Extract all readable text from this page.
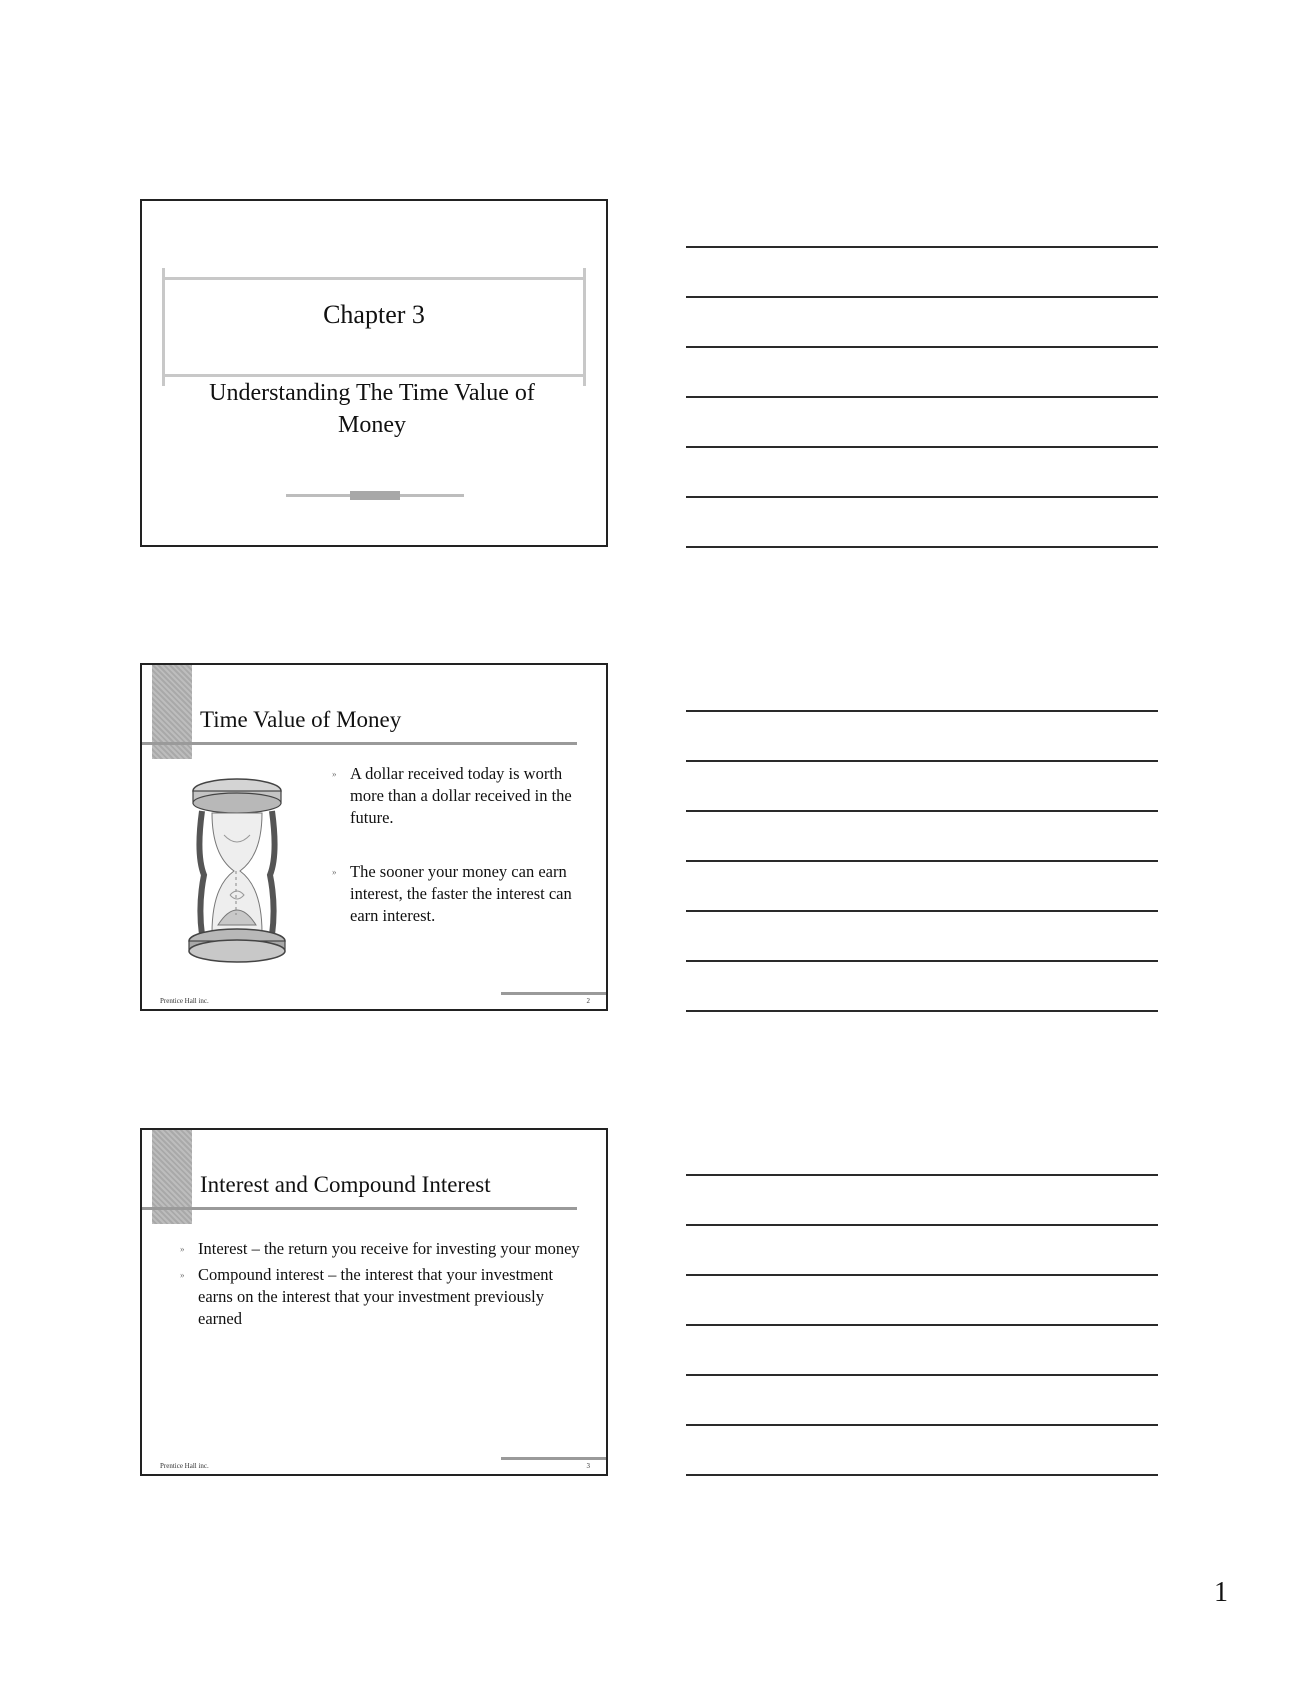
Chapter 3
Understanding The Time Value of Money
Time Value of Money
» A dollar received today is worth more than a dollar received in the future.
» The sooner your money can earn interest, the faster the interest can earn interest.
Prentice Hall inc.	2
Interest and Compound Interest
» Interest – the return you receive for investing your money
» Compound interest – the interest that your investment earns on the interest that your investment previously earned
Prentice Hall inc.	3
1
